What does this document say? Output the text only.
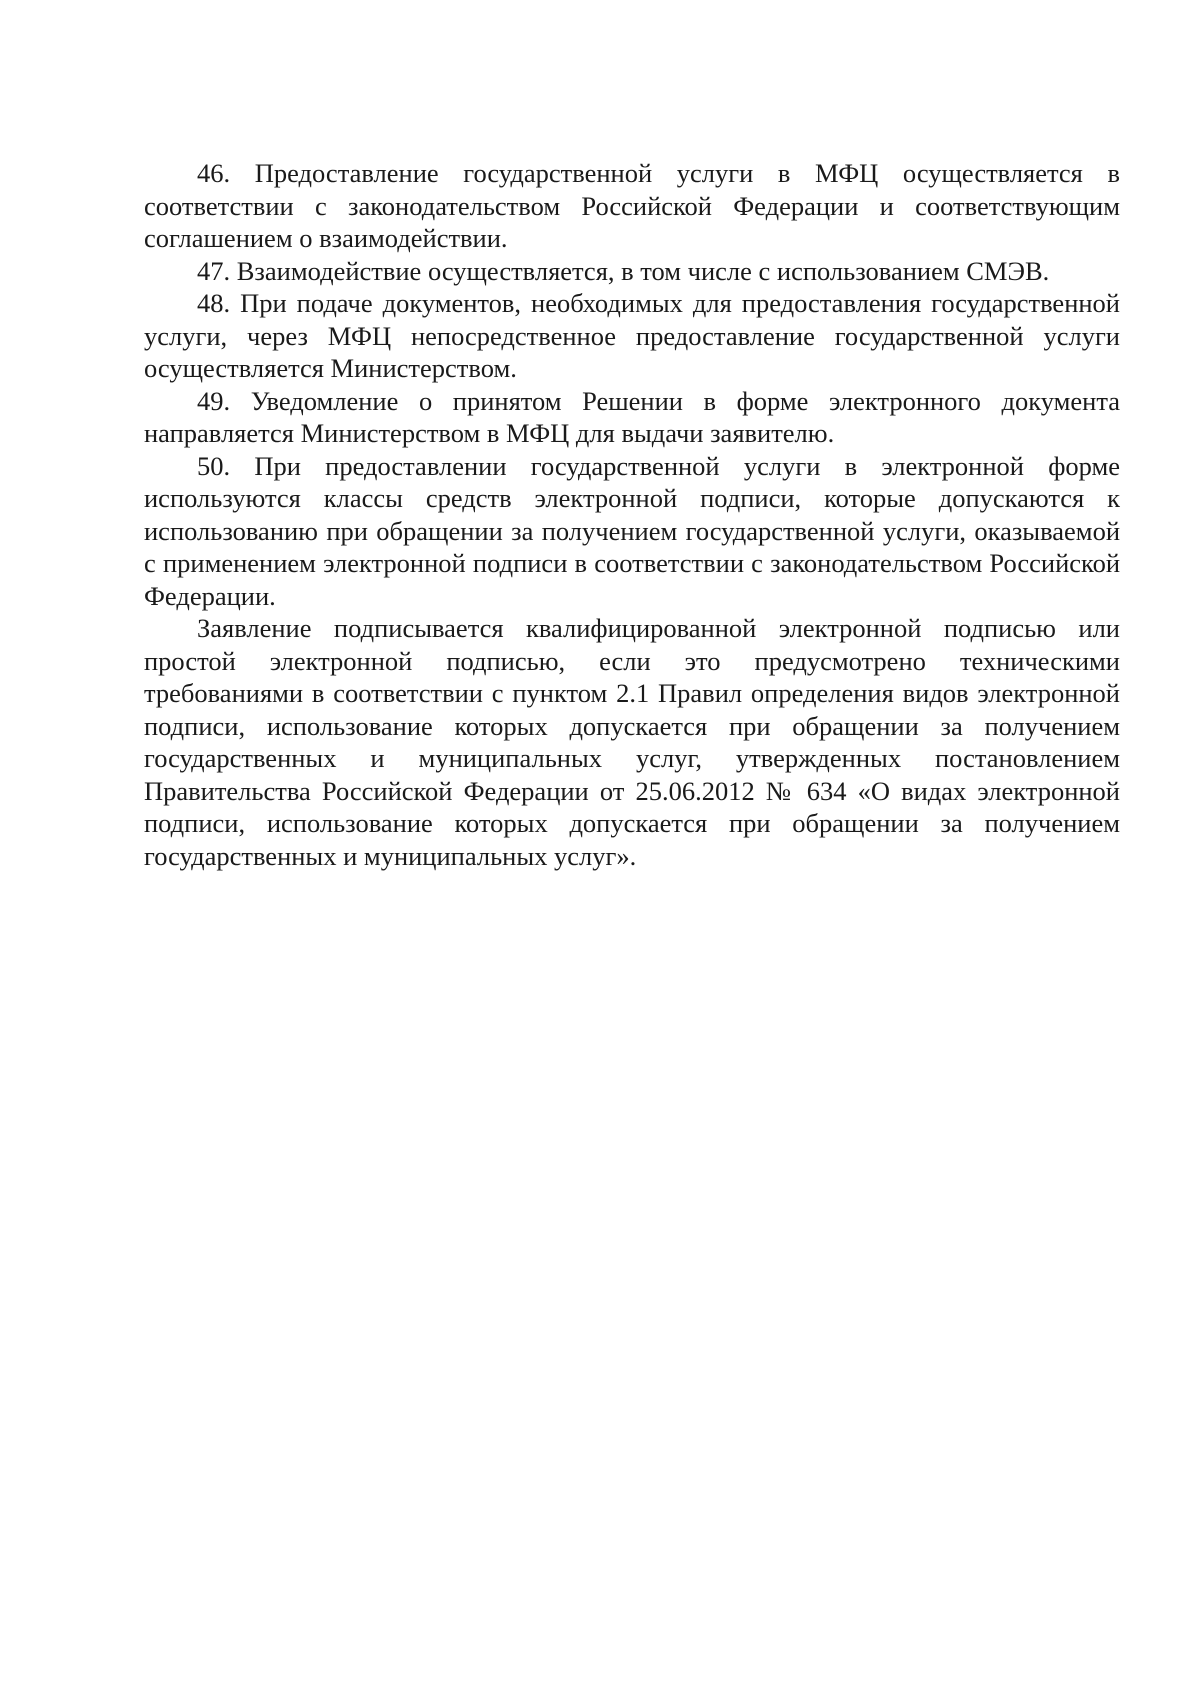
46. Предоставление государственной услуги в МФЦ осуществляется в соответствии с законодательством Российской Федерации и соответствующим соглашением о взаимодействии.

47. Взаимодействие осуществляется, в том числе с использованием СМЭВ.

48. При подаче документов, необходимых для предоставления государственной услуги, через МФЦ непосредственное предоставление государственной услуги осуществляется Министерством.

49. Уведомление о принятом Решении в форме электронного документа направляется Министерством в МФЦ для выдачи заявителю.

50. При предоставлении государственной услуги в электронной форме используются классы средств электронной подписи, которые допускаются к использованию при обращении за получением государственной услуги, оказываемой с применением электронной подписи в соответствии с законодательством Российской Федерации.

Заявление подписывается квалифицированной электронной подписью или простой электронной подписью, если это предусмотрено техническими требованиями в соответствии с пунктом 2.1 Правил определения видов электронной подписи, использование которых допускается при обращении за получением государственных и муниципальных услуг, утвержденных постановлением Правительства Российской Федерации от 25.06.2012 № 634 «О видах электронной подписи, использование которых допускается при обращении за получением государственных и муниципальных услуг».
